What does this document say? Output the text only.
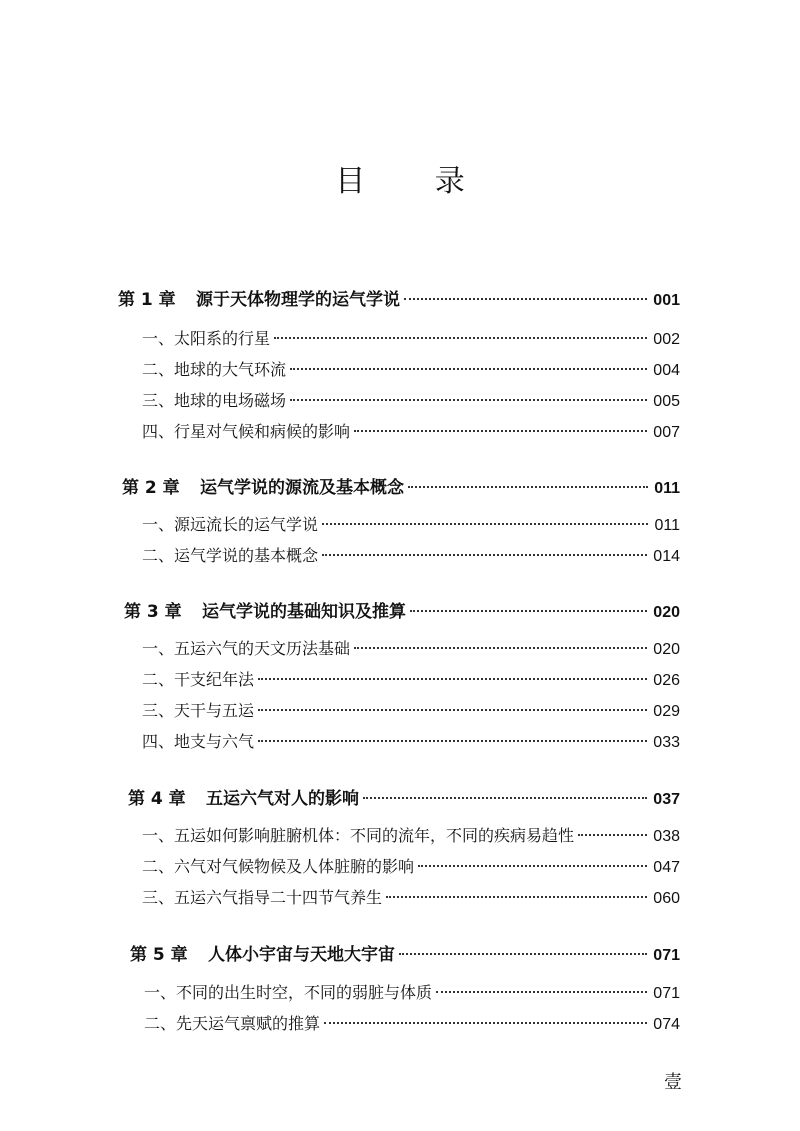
目 录
第 1 章 源于天体物理学的运气学说	001
一、太阳系的行星	002
二、地球的大气环流	004
三、地球的电场磁场	005
四、行星对气候和病候的影响	007
第 2 章 运气学说的源流及基本概念	011
一、源远流长的运气学说	011
二、运气学说的基本概念	014
第 3 章 运气学说的基础知识及推算	020
一、五运六气的天文历法基础	020
二、干支纪年法	026
三、天干与五运	029
四、地支与六气	033
第 4 章 五运六气对人的影响	037
一、五运如何影响脏腑机体：不同的流年，不同的疾病易趋性	038
二、六气对气候物候及人体脏腑的影响	047
三、五运六气指导二十四节气养生	060
第 5 章 人体小宇宙与天地大宇宙	071
一、不同的出生时空，不同的弱脏与体质	071
二、先天运气禀赋的推算	074
壹
